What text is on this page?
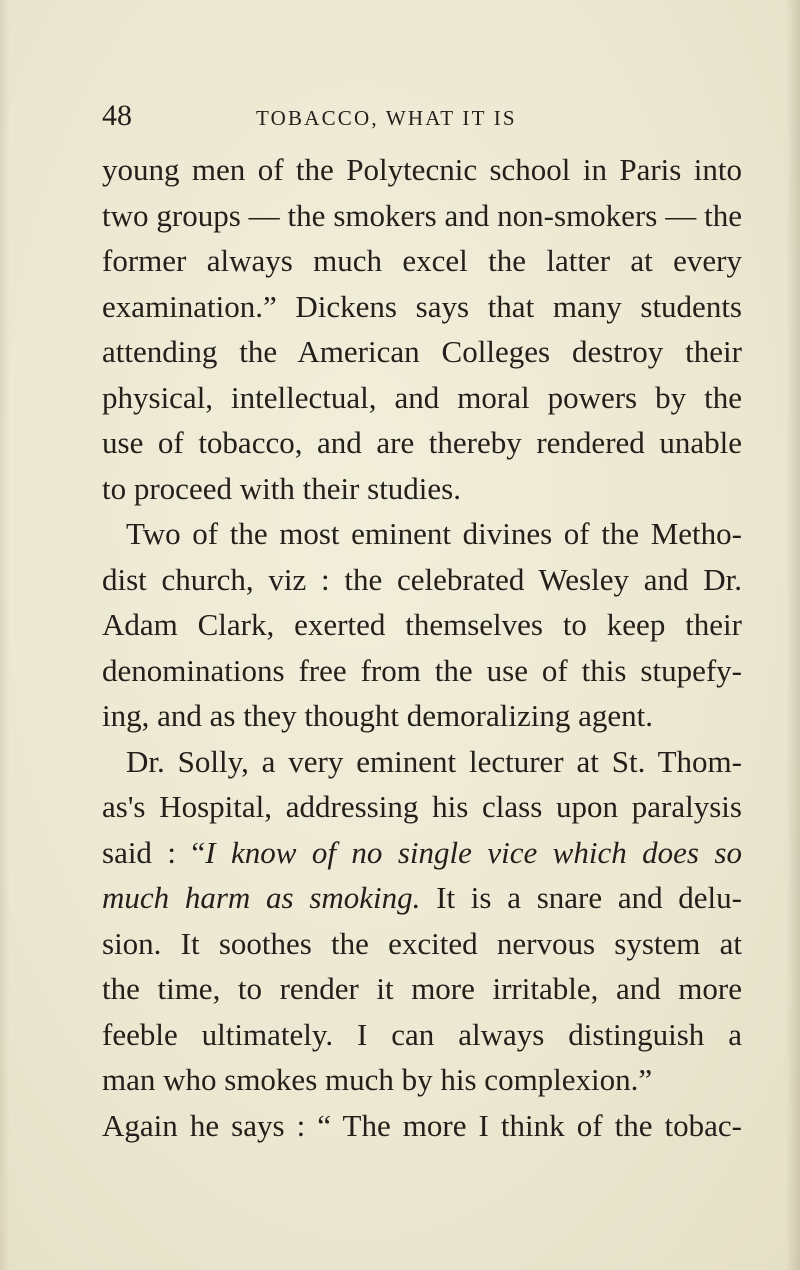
48	TOBACCO, WHAT IT IS
young men of the Polytecnic school in Paris into
two groups — the smokers and non-smokers — the
former always much excel the latter at every
examination.” Dickens says that many students
attending the American Colleges destroy their
physical, intellectual, and moral powers by the
use of tobacco, and are thereby rendered unable
to proceed with their studies.
Two of the most eminent divines of the Metho-
dist church, viz : the celebrated Wesley and Dr.
Adam Clark, exerted themselves to keep their
denominations free from the use of this stupefy-
ing, and as they thought demoralizing agent.
Dr. Solly, a very eminent lecturer at St. Thom-
as's Hospital, addressing his class upon paralysis
said : “I know of no single vice which does so
much harm as smoking. It is a snare and delu-
sion. It soothes the excited nervous system at
the time, to render it more irritable, and more
feeble ultimately. I can always distinguish a
man who smokes much by his complexion.”
Again he says : “ The more I think of the tobac-
